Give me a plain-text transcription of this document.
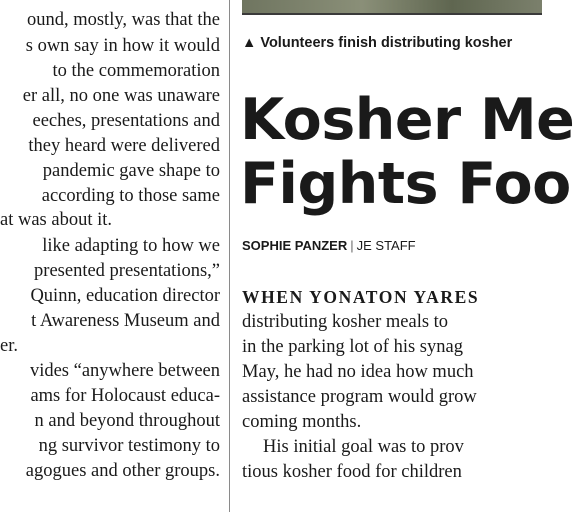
ound, mostly, was that the
s own say in how it would
to the commemoration
er all, no one was unaware
eeches, presentations and
they heard were delivered
pandemic gave shape to
according to those same
at was about it.
like adapting to how we
presented presentations,”
Quinn, education director
t Awareness Museum and
er.
vides “anywhere between
ams for Holocaust educa-
n and beyond throughout
ng survivor testimony to
agogues and other groups.
▲ Volunteers finish distributing kosher
Kosher Me
Fights Foo
SOPHIE PANZER | JE STAFF
WHEN YONATON YARES
distributing kosher meals to
in the parking lot of his synag
May, he had no idea how much
assistance program would grow
coming months.
His initial goal was to prov
tious kosher food for children
